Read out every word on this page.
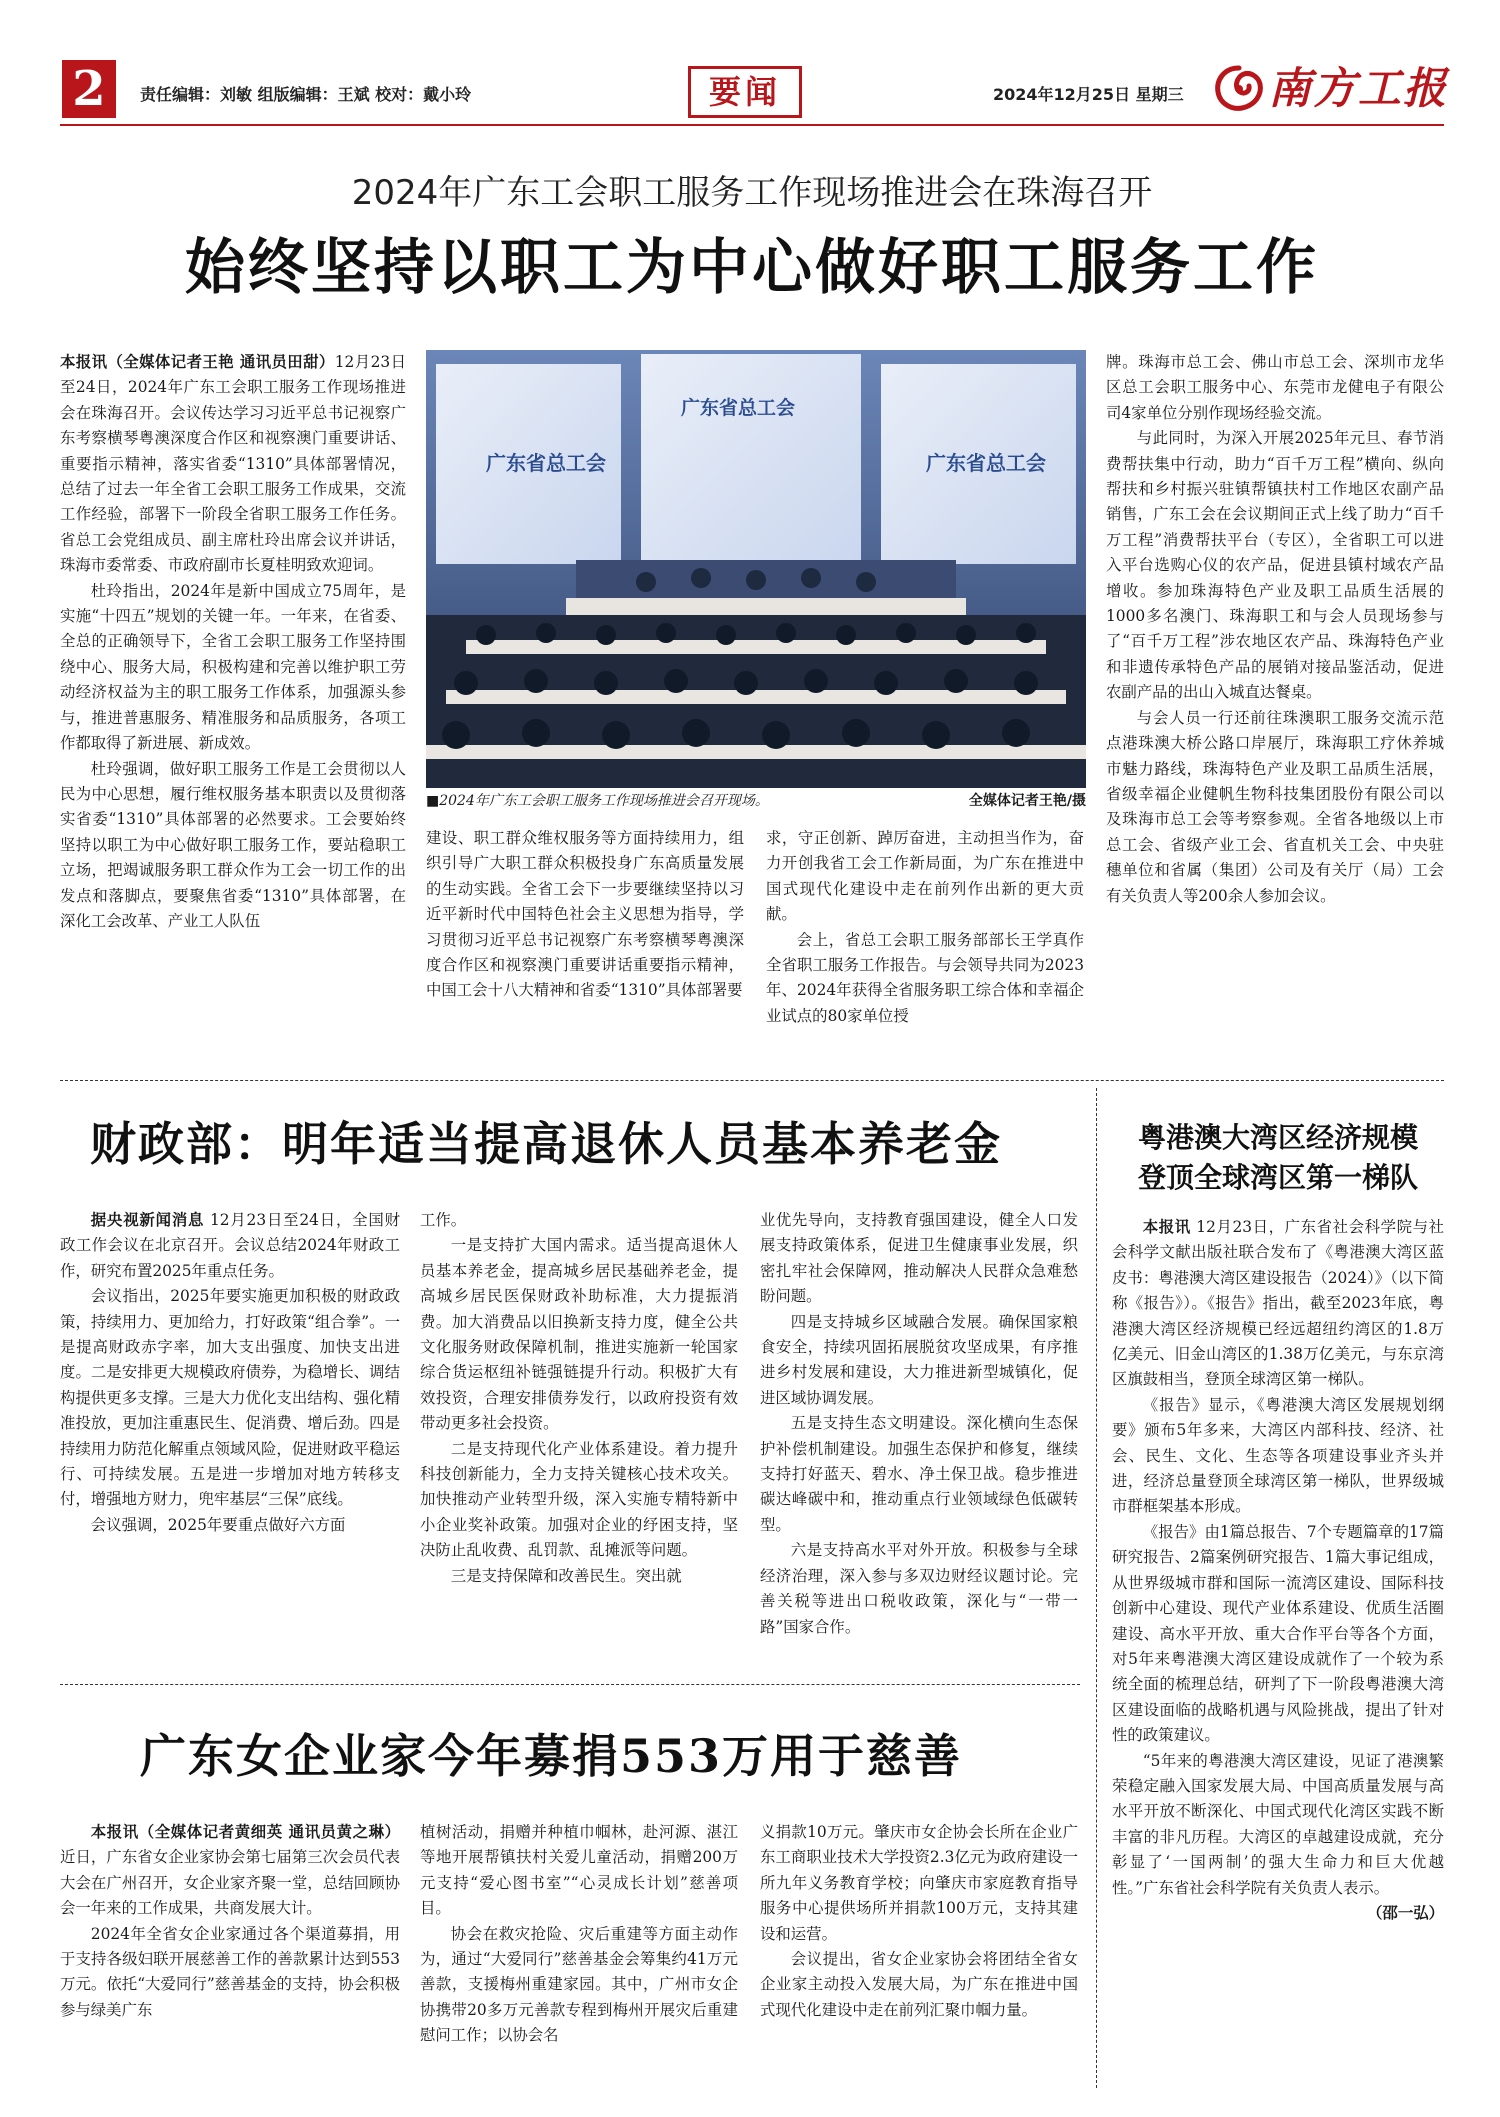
2	责任编辑：刘敏 组版编辑：王斌 校对：戴小玲	要闻	2024年12月25日 星期三 南方工报
2024年广东工会职工服务工作现场推进会在珠海召开
始终坚持以职工为中心做好职工服务工作

本报讯（全媒体记者王艳 通讯员田甜）12月23日至24日，2024年广东工会职工服务工作现场推进会在珠海召开。会议传达学习习近平总书记视察广东考察横琴粤澳深度合作区和视察澳门重要讲话、重要指示精神，落实省委“1310”具体部署情况，总结了过去一年全省工会职工服务工作成果，交流工作经验，部署下一阶段全省职工服务工作任务。省总工会党组成员、副主席杜玲出席会议并讲话，珠海市委常委、市政府副市长夏桂明致欢迎词。

杜玲指出，2024年是新中国成立75周年，是实施“十四五”规划的关键一年。一年来，在省委、全总的正确领导下，全省工会职工服务工作坚持围绕中心、服务大局，积极构建和完善以维护职工劳动经济权益为主的职工服务工作体系，加强源头参与，推进普惠服务、精准服务和品质服务，各项工作都取得了新进展、新成效。

杜玲强调，做好职工服务工作是工会贯彻以人民为中心思想，履行维权服务基本职责以及贯彻落实省委“1310”具体部署的必然要求。工会要始终坚持以职工为中心做好职工服务工作，要站稳职工立场，把竭诚服务职工群众作为工会一切工作的出发点和落脚点，要聚焦省委“1310”具体部署，在深化工会改革、产业工人队伍

广东省总工会
广东省总工会
广东省总工会
■2024年广东工会职工服务工作现场推进会召开现场。	全媒体记者王艳/摄

建设、职工群众维权服务等方面持续用力，组织引导广大职工群众积极投身广东高质量发展的生动实践。全省工会下一步要继续坚持以习近平新时代中国特色社会主义思想为指导，学习贯彻习近平总书记视察广东考察横琴粤澳深度合作区和视察澳门重要讲话重要指示精神，中国工会十八大精神和省委“1310”具体部署要

求，守正创新、踔厉奋进，主动担当作为，奋力开创我省工会工作新局面，为广东在推进中国式现代化建设中走在前列作出新的更大贡献。

会上，省总工会职工服务部部长王学真作全省职工服务工作报告。与会领导共同为2023年、2024年获得全省服务职工综合体和幸福企业试点的80家单位授

牌。珠海市总工会、佛山市总工会、深圳市龙华区总工会职工服务中心、东莞市龙健电子有限公司4家单位分别作现场经验交流。

与此同时，为深入开展2025年元旦、春节消费帮扶集中行动，助力“百千万工程”横向、纵向帮扶和乡村振兴驻镇帮镇扶村工作地区农副产品销售，广东工会在会议期间正式上线了助力“百千万工程”消费帮扶平台（专区），全省职工可以进入平台选购心仪的农产品，促进县镇村域农产品增收。参加珠海特色产业及职工品质生活展的1000多名澳门、珠海职工和与会人员现场参与了“百千万工程”涉农地区农产品、珠海特色产业和非遗传承特色产品的展销对接品鉴活动，促进农副产品的出山入城直达餐桌。

与会人员一行还前往珠澳职工服务交流示范点港珠澳大桥公路口岸展厅，珠海职工疗休养城市魅力路线，珠海特色产业及职工品质生活展，省级幸福企业健帆生物科技集团股份有限公司以及珠海市总工会等考察参观。全省各地级以上市总工会、省级产业工会、省直机关工会、中央驻穗单位和省属（集团）公司及有关厅（局）工会有关负责人等200余人参加会议。

财政部：明年适当提高退休人员基本养老金

据央视新闻消息 12月23日至24日，全国财政工作会议在北京召开。会议总结2024年财政工作，研究布置2025年重点任务。

会议指出，2025年要实施更加积极的财政政策，持续用力、更加给力，打好政策“组合拳”。一是提高财政赤字率，加大支出强度、加快支出进度。二是安排更大规模政府债券，为稳增长、调结构提供更多支撑。三是大力优化支出结构、强化精准投放，更加注重惠民生、促消费、增后劲。四是持续用力防范化解重点领域风险，促进财政平稳运行、可持续发展。五是进一步增加对地方转移支付，增强地方财力，兜牢基层“三保”底线。

会议强调，2025年要重点做好六方面

工作。

一是支持扩大国内需求。适当提高退休人员基本养老金，提高城乡居民基础养老金，提高城乡居民医保财政补助标准，大力提振消费。加大消费品以旧换新支持力度，健全公共文化服务财政保障机制，推进实施新一轮国家综合货运枢纽补链强链提升行动。积极扩大有效投资，合理安排债券发行，以政府投资有效带动更多社会投资。

二是支持现代化产业体系建设。着力提升科技创新能力，全力支持关键核心技术攻关。加快推动产业转型升级，深入实施专精特新中小企业奖补政策。加强对企业的纾困支持，坚决防止乱收费、乱罚款、乱摊派等问题。

三是支持保障和改善民生。突出就

业优先导向，支持教育强国建设，健全人口发展支持政策体系，促进卫生健康事业发展，织密扎牢社会保障网，推动解决人民群众急难愁盼问题。

四是支持城乡区域融合发展。确保国家粮食安全，持续巩固拓展脱贫攻坚成果，有序推进乡村发展和建设，大力推进新型城镇化，促进区域协调发展。

五是支持生态文明建设。深化横向生态保护补偿机制建设。加强生态保护和修复，继续支持打好蓝天、碧水、净土保卫战。稳步推进碳达峰碳中和，推动重点行业领域绿色低碳转型。

六是支持高水平对外开放。积极参与全球经济治理，深入参与多双边财经议题讨论。完善关税等进出口税收政策，深化与“一带一路”国家合作。

广东女企业家今年募捐553万用于慈善

本报讯（全媒体记者黄细英 通讯员黄之琳）近日，广东省女企业家协会第七届第三次会员代表大会在广州召开，女企业家齐聚一堂，总结回顾协会一年来的工作成果，共商发展大计。

2024年全省女企业家通过各个渠道募捐，用于支持各级妇联开展慈善工作的善款累计达到553万元。依托“大爱同行”慈善基金的支持，协会积极参与绿美广东

植树活动，捐赠并种植巾帼林，赴河源、湛江等地开展帮镇扶村关爱儿童活动，捐赠200万元支持“爱心图书室”“心灵成长计划”慈善项目。

协会在救灾抢险、灾后重建等方面主动作为，通过“大爱同行”慈善基金会筹集约41万元善款，支援梅州重建家园。其中，广州市女企协携带20多万元善款专程到梅州开展灾后重建慰问工作；以协会名

义捐款10万元。肇庆市女企协会长所在企业广东工商职业技术大学投资2.3亿元为政府建设一所九年义务教育学校；向肇庆市家庭教育指导服务中心提供场所并捐款100万元，支持其建设和运营。

会议提出，省女企业家协会将团结全省女企业家主动投入发展大局，为广东在推进中国式现代化建设中走在前列汇聚巾帼力量。

粤港澳大湾区经济规模
登顶全球湾区第一梯队

本报讯 12月23日，广东省社会科学院与社会科学文献出版社联合发布了《粤港澳大湾区蓝皮书：粤港澳大湾区建设报告（2024）》（以下简称《报告》）。《报告》指出，截至2023年底，粤港澳大湾区经济规模已经远超纽约湾区的1.8万亿美元、旧金山湾区的1.38万亿美元，与东京湾区旗鼓相当，登顶全球湾区第一梯队。

《报告》显示，《粤港澳大湾区发展规划纲要》颁布5年多来，大湾区内部科技、经济、社会、民生、文化、生态等各项建设事业齐头并进，经济总量登顶全球湾区第一梯队，世界级城市群框架基本形成。

《报告》由1篇总报告、7个专题篇章的17篇研究报告、2篇案例研究报告、1篇大事记组成，从世界级城市群和国际一流湾区建设、国际科技创新中心建设、现代产业体系建设、优质生活圈建设、高水平开放、重大合作平台等各个方面，对5年来粤港澳大湾区建设成就作了一个较为系统全面的梳理总结，研判了下一阶段粤港澳大湾区建设面临的战略机遇与风险挑战，提出了针对性的政策建议。

“5年来的粤港澳大湾区建设，见证了港澳繁荣稳定融入国家发展大局、中国高质量发展与高水平开放不断深化、中国式现代化湾区实践不断丰富的非凡历程。大湾区的卓越建设成就，充分彰显了‘一国两制’的强大生命力和巨大优越性。”广东省社会科学院有关负责人表示。

（邵一弘）
